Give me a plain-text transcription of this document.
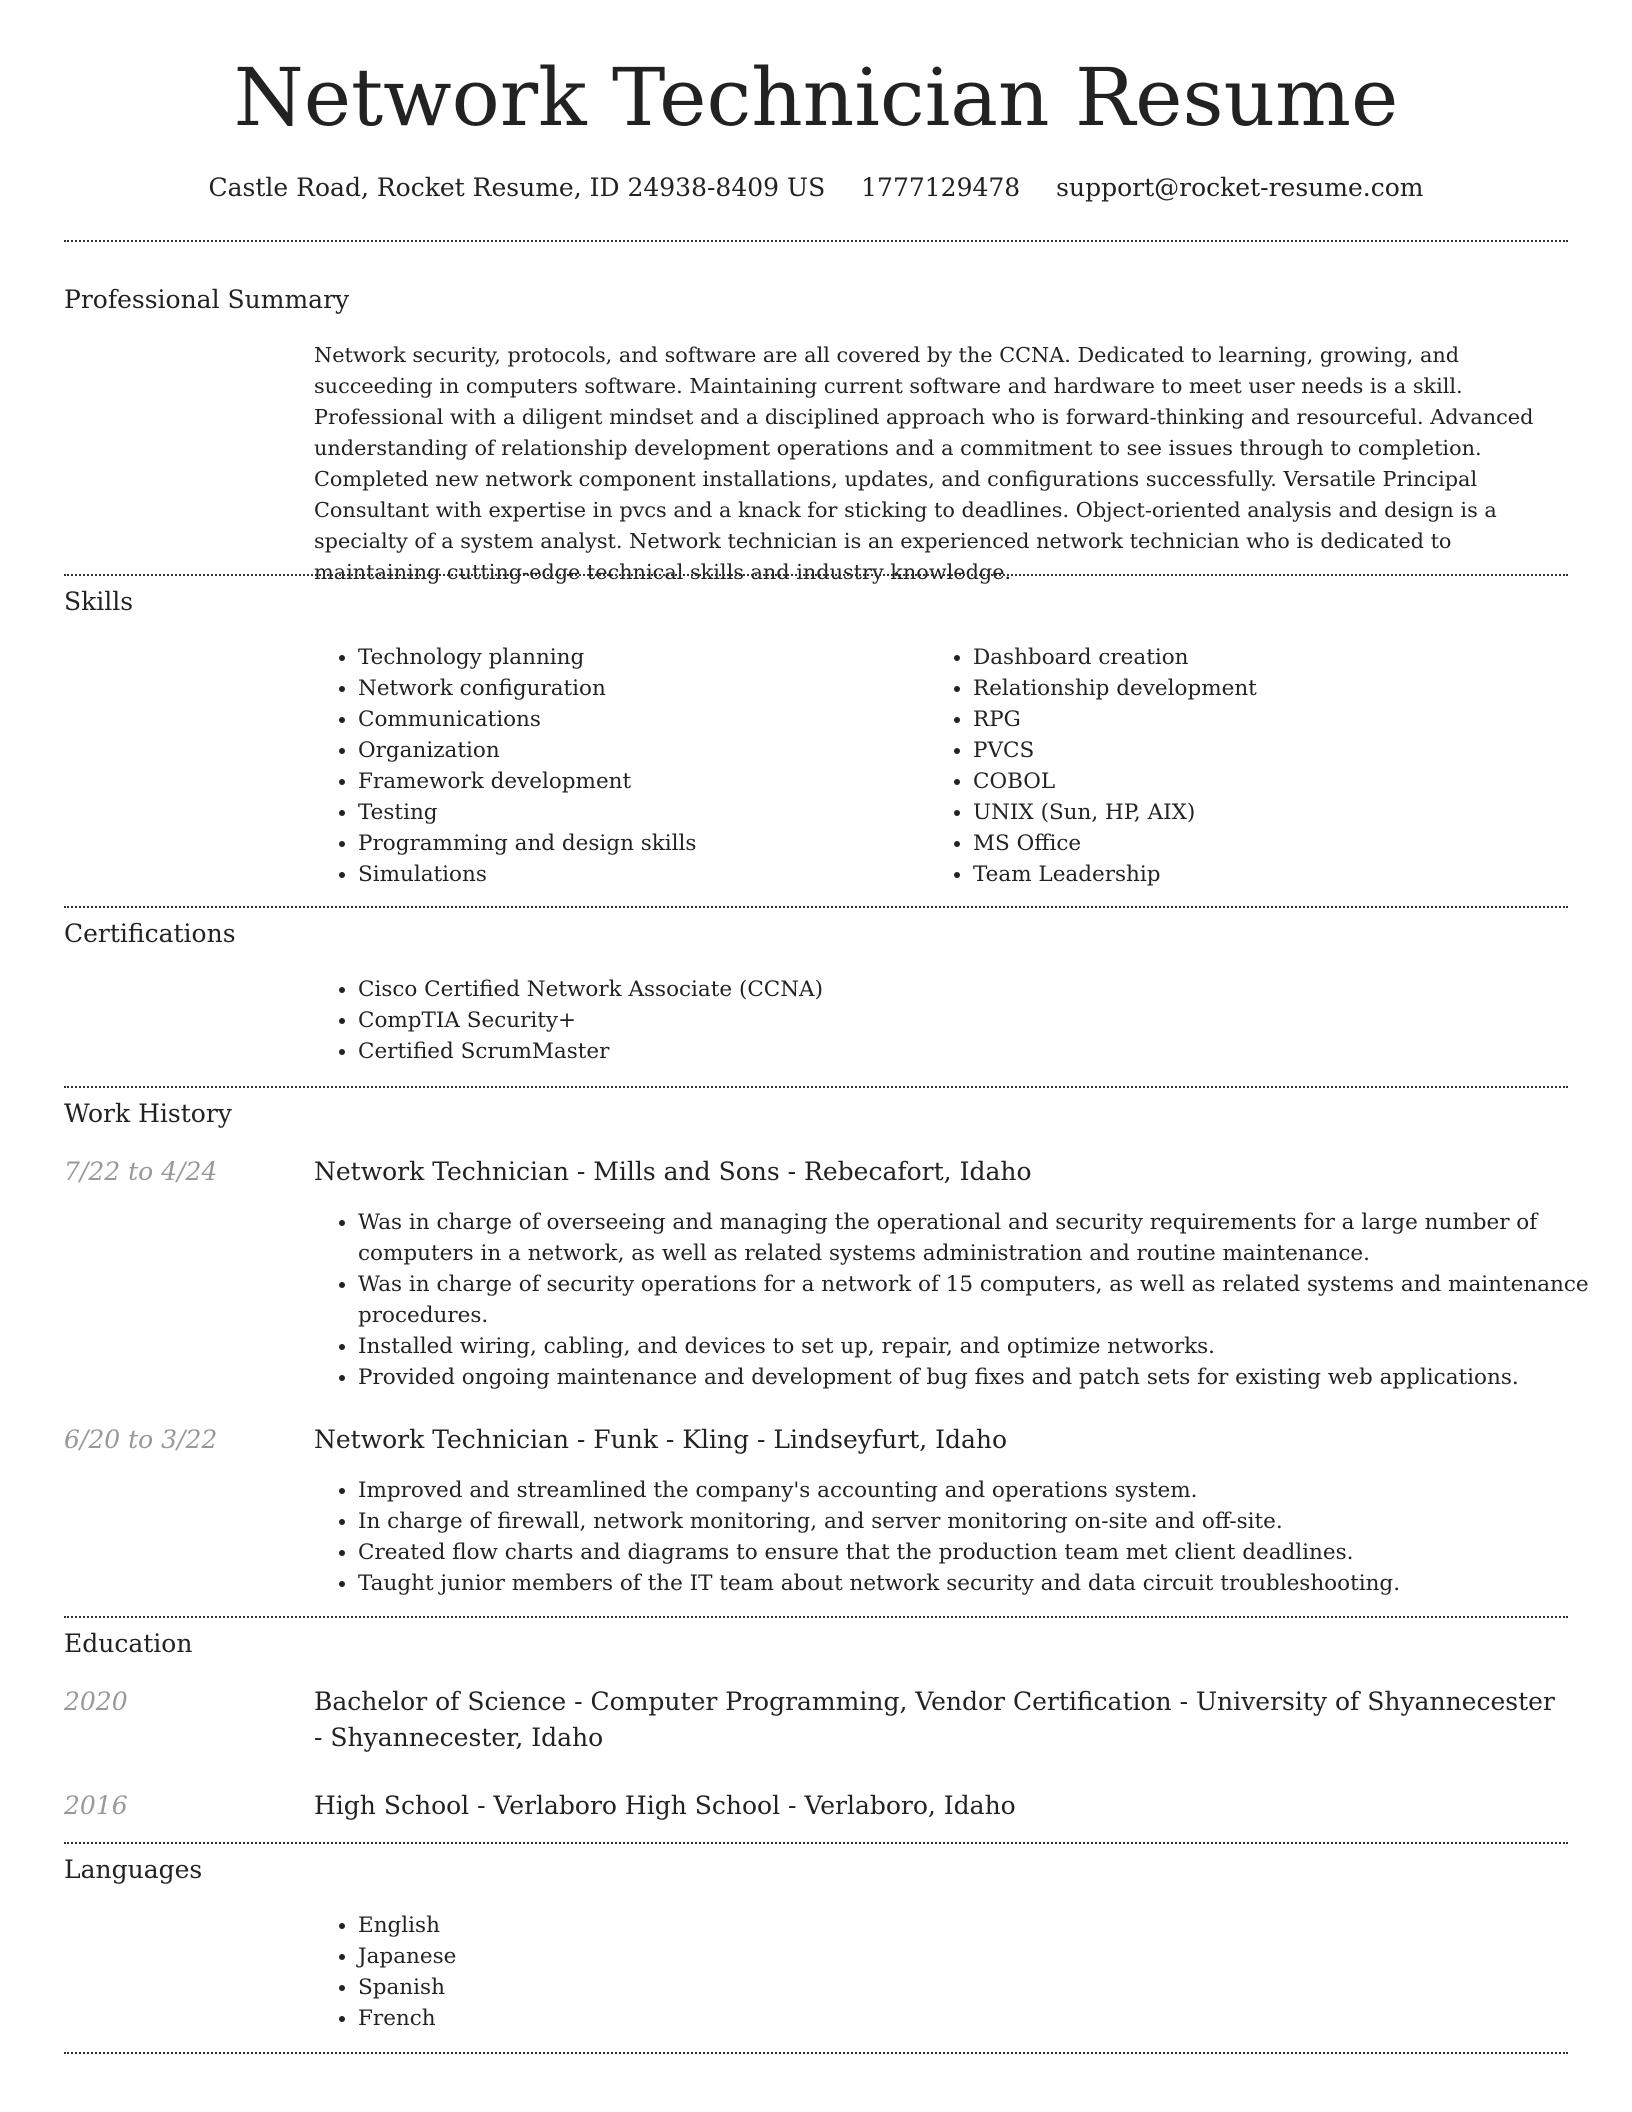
Network Technician Resume
Castle Road, Rocket Resume, ID 24938-8409 US 1777129478 support@rocket-resume.com
Professional Summary

Network security, protocols, and software are all covered by the CCNA. Dedicated to learning, growing, and succeeding in computers software. Maintaining current software and hardware to meet user needs is a skill. Professional with a diligent mindset and a disciplined approach who is forward-thinking and resourceful. Advanced understanding of relationship development operations and a commitment to see issues through to completion. Completed new network component installations, updates, and configurations successfully. Versatile Principal Consultant with expertise in pvcs and a knack for sticking to deadlines. Object-oriented analysis and design is a specialty of a system analyst. Network technician is an experienced network technician who is dedicated to maintaining cutting-edge technical skills and industry knowledge.

Skills
• Technology planning
• Network configuration
• Communications
• Organization
• Framework development
• Testing
• Programming and design skills
• Simulations
• Dashboard creation
• Relationship development
• RPG
• PVCS
• COBOL
• UNIX (Sun, HP, AIX)
• MS Office
• Team Leadership
Certifications
• Cisco Certified Network Associate (CCNA)
• CompTIA Security+
• Certified ScrumMaster
Work History
7/22 to 4/24	Network Technician - Mills and Sons - Rebecafort, Idaho
• Was in charge of overseeing and managing the operational and security requirements for a large number of computers in a network, as well as related systems administration and routine maintenance.
• Was in charge of security operations for a network of 15 computers, as well as related systems and maintenance procedures.
• Installed wiring, cabling, and devices to set up, repair, and optimize networks.
• Provided ongoing maintenance and development of bug fixes and patch sets for existing web applications.
6/20 to 3/22	Network Technician - Funk - Kling - Lindseyfurt, Idaho
• Improved and streamlined the company's accounting and operations system.
• In charge of firewall, network monitoring, and server monitoring on-site and off-site.
• Created flow charts and diagrams to ensure that the production team met client deadlines.
• Taught junior members of the IT team about network security and data circuit troubleshooting.
Education
2020	Bachelor of Science - Computer Programming, Vendor Certification - University of Shyannecester - Shyannecester, Idaho
2016	High School - Verlaboro High School - Verlaboro, Idaho
Languages
• English
• Japanese
• Spanish
• French
